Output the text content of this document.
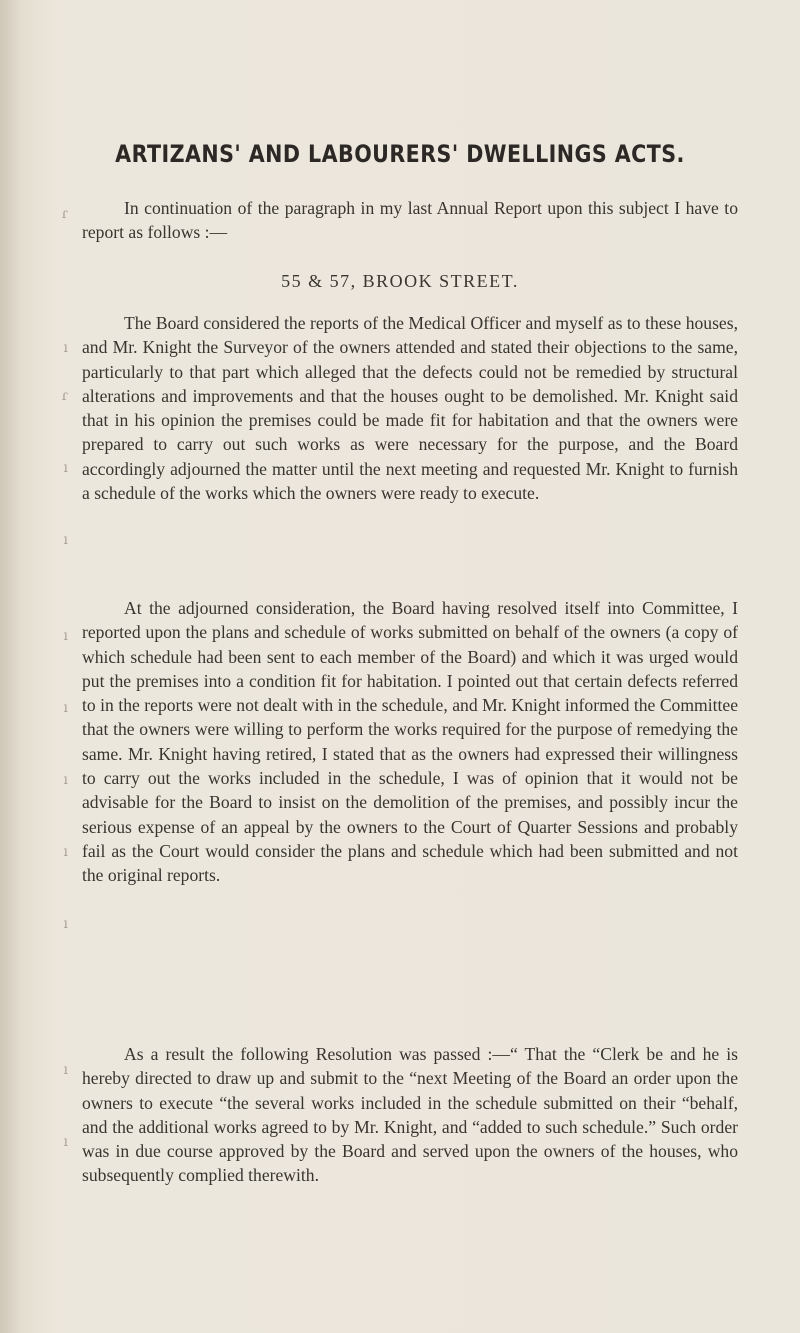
ɾ
ı
ɾ
ı
ı
ı
ı
ı
ı
ı
ı
ı
ARTIZANS' AND LABOURERS' DWELLINGS ACTS.
In continuation of the paragraph in my last Annual Report upon this subject I have to report as follows :—
55 & 57, BROOK STREET.
The Board considered the reports of the Medical Officer and myself as to these houses, and Mr. Knight the Surveyor of the owners attended and stated their objections to the same, particularly to that part which alleged that the defects could not be remedied by structural alterations and improvements and that the houses ought to be demolished. Mr. Knight said that in his opinion the premises could be made fit for habitation and that the owners were prepared to carry out such works as were necessary for the purpose, and the Board accordingly adjourned the matter until the next meeting and requested Mr. Knight to furnish a schedule of the works which the owners were ready to execute.
At the adjourned consideration, the Board having resolved itself into Committee, I reported upon the plans and schedule of works submitted on behalf of the owners (a copy of which schedule had been sent to each member of the Board) and which it was urged would put the premises into a condition fit for habitation. I pointed out that certain defects referred to in the reports were not dealt with in the schedule, and Mr. Knight informed the Committee that the owners were willing to perform the works required for the purpose of remedying the same. Mr. Knight having retired, I stated that as the owners had expressed their willingness to carry out the works included in the schedule, I was of opinion that it would not be advisable for the Board to insist on the demolition of the premises, and possibly incur the serious expense of an appeal by the owners to the Court of Quarter Sessions and probably fail as the Court would consider the plans and schedule which had been submitted and not the original reports.
As a result the following Resolution was passed :—“ That the “Clerk be and he is hereby directed to draw up and submit to the “next Meeting of the Board an order upon the owners to execute “the several works included in the schedule submitted on their “behalf, and the additional works agreed to by Mr. Knight, and “added to such schedule.” Such order was in due course approved by the Board and served upon the owners of the houses, who subsequently complied therewith.
